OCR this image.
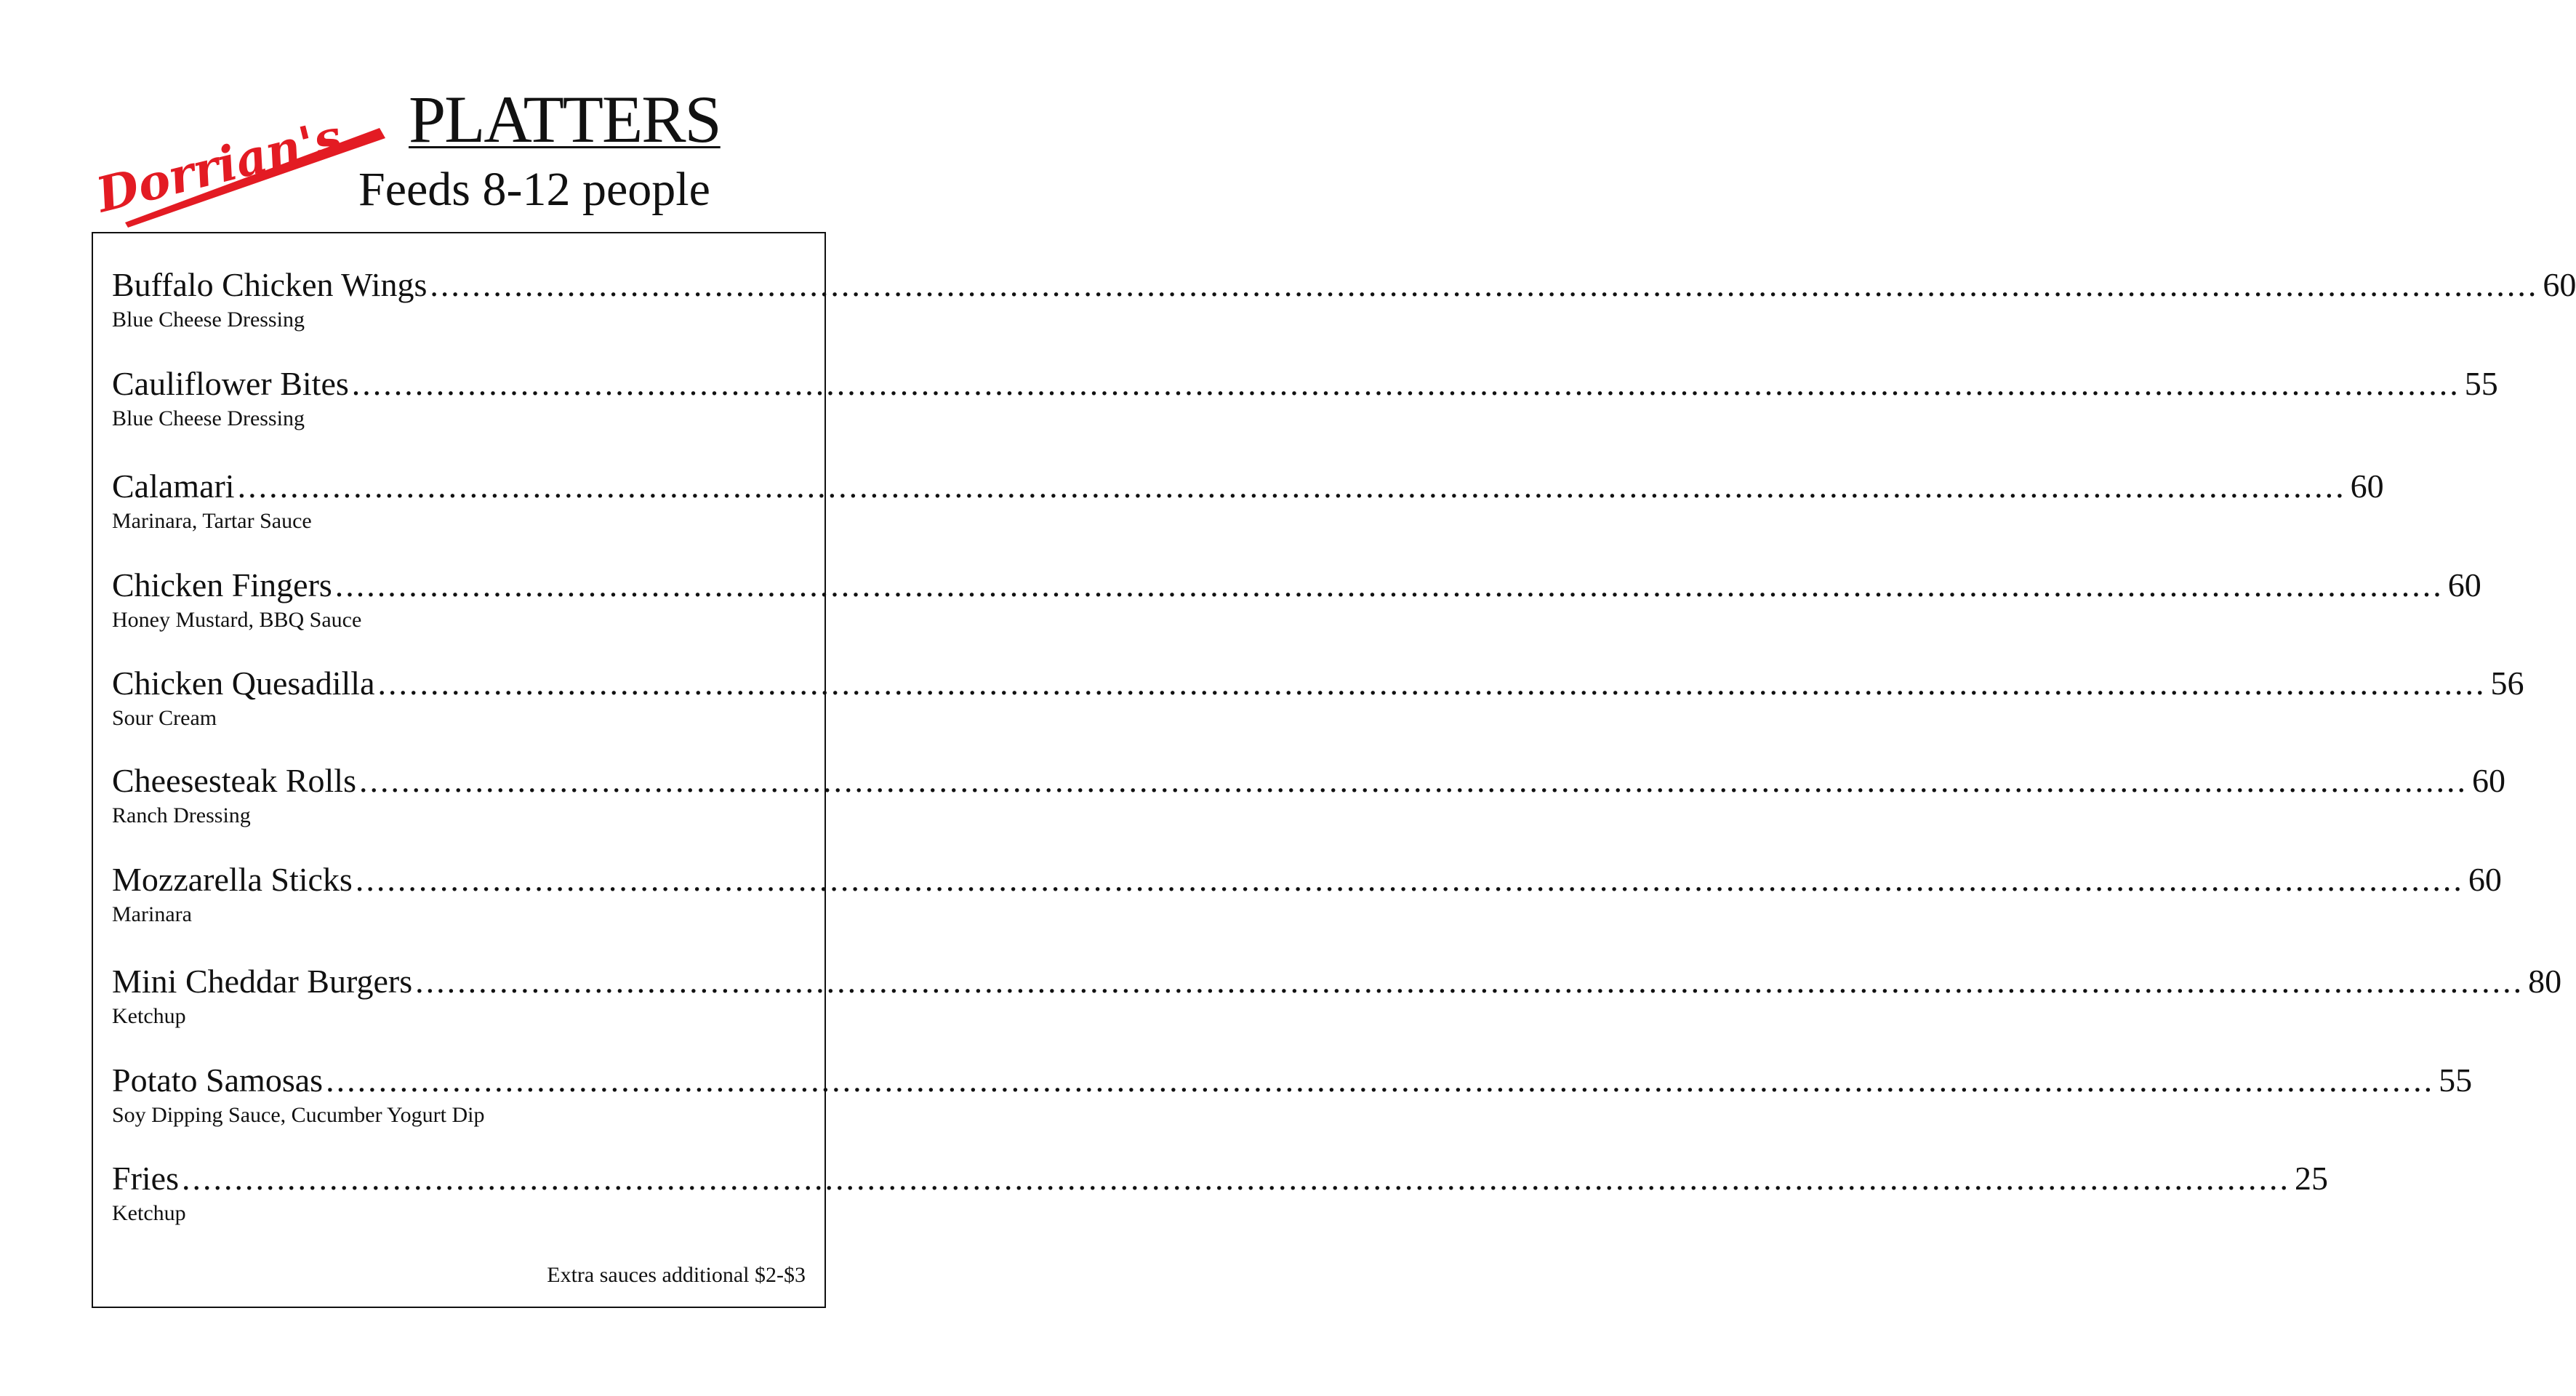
Dorrian's PLATTERS
Feeds 8-12 people
Buffalo Chicken Wings ........................................................................................................................................................................................................ 60
Blue Cheese Dressing
Cauliflower Bites ........................................................................................................................................................................................................ 55
Blue Cheese Dressing
Calamari ........................................................................................................................................................................................................ 60
Marinara, Tartar Sauce
Chicken Fingers ........................................................................................................................................................................................................ 60
Honey Mustard, BBQ Sauce
Chicken Quesadilla ........................................................................................................................................................................................................ 56
Sour Cream
Cheesesteak Rolls ........................................................................................................................................................................................................ 60
Ranch Dressing
Mozzarella Sticks ........................................................................................................................................................................................................ 60
Marinara
Mini Cheddar Burgers ........................................................................................................................................................................................................ 80
Ketchup
Potato Samosas ........................................................................................................................................................................................................ 55
Soy Dipping Sauce, Cucumber Yogurt Dip
Fries ........................................................................................................................................................................................................ 25
Ketchup
Extra sauces additional $2-$3
